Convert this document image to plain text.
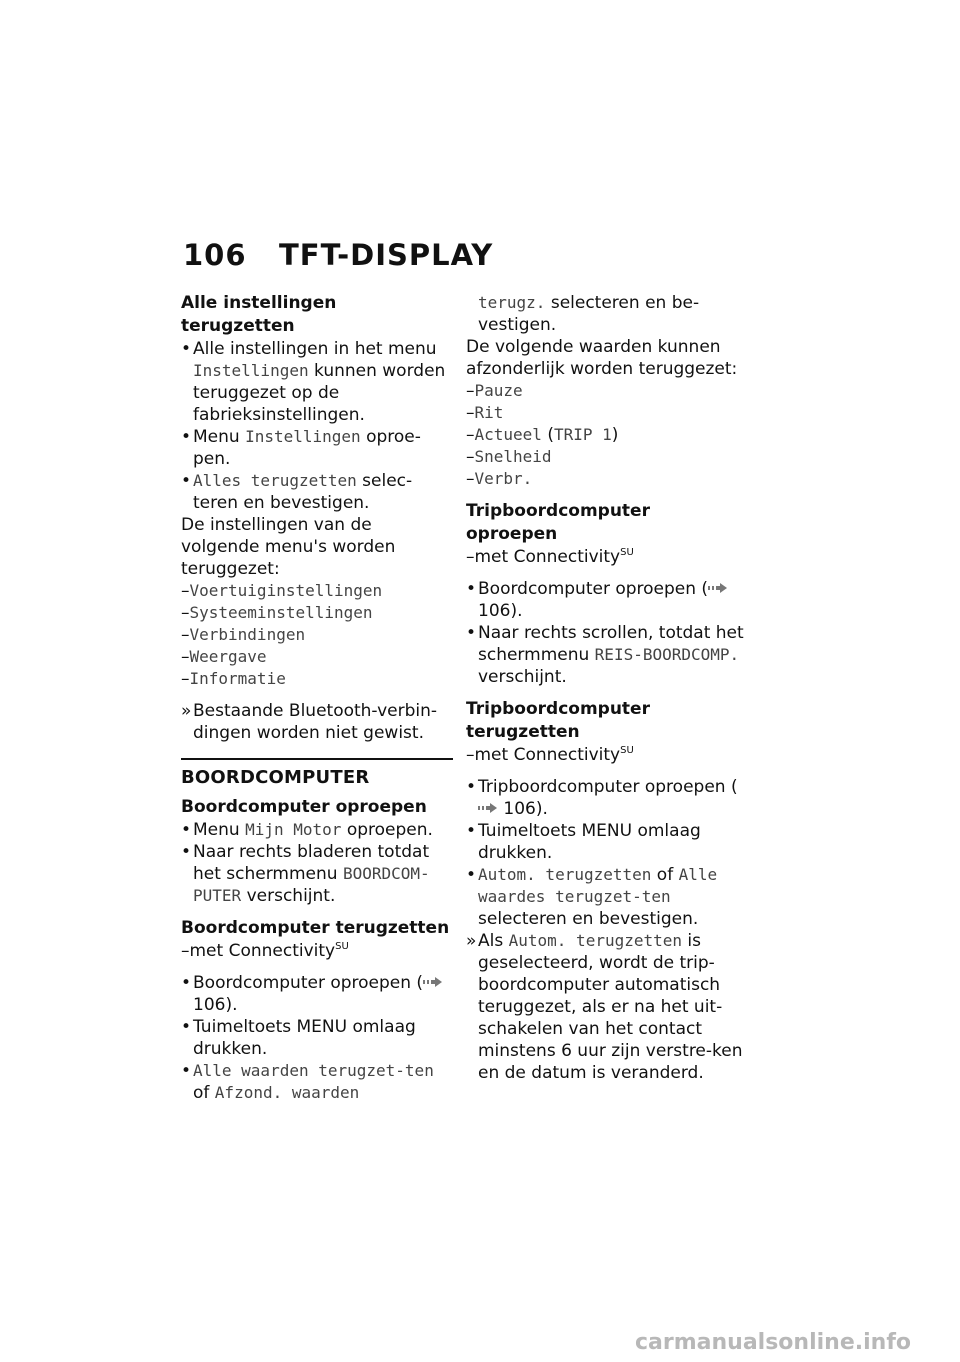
106	TFT-DISPLAY
Alle instellingen terugzetten
• Alle instellingen in het menu
Instellingen kunnen worden teruggezet op de fabrieksinstellingen.
• Menu Instellingen oproe-pen.
• Alles terugzetten selec-teren en bevestigen.
De instellingen van de volgende menu's worden teruggezet:
–Voertuiginstellingen
–Systeeminstellingen
–Verbindingen
–Weergave
–Informatie
» Bestaande Bluetooth-verbin-dingen worden niet gewist.
BOORDCOMPUTER
Boordcomputer oproepen
• Menu Mijn Motor oproepen.
• Naar rechts bladeren totdat het schermmenu BOORDCOM-PUTER verschijnt.
Boordcomputer terugzetten
–met Connectivity$^{SU}$
• Boordcomputer oproepen ( 106).
• Tuimeltoets MENU omlaag drukken.
• Alle waarden terugzet-ten of Afzond. waarden
terugz. selecteren en be-vestigen.
De volgende waarden kunnen afzonderlijk worden teruggezet:
–Pauze
–Rit
–Actueel (TRIP 1)
–Snelheid
–Verbr.
Tripboordcomputer oproepen
–met Connectivity$^{SU}$
• Boordcomputer oproepen ( 106).
• Naar rechts scrollen, totdat het schermmenu REIS-BOORDCOMP. verschijnt.
Tripboordcomputer terugzetten
–met Connectivity$^{SU}$
• Tripboordcomputer oproepen ( 106).
• Tuimeltoets MENU omlaag drukken.
• Autom. terugzetten of Alle waardes terugzet-ten selecteren en bevestigen.
» Als Autom. terugzetten is geselecteerd, wordt de trip-boordcomputer automatisch teruggezet, als er na het uit-schakelen van het contact minstens 6 uur zijn verstre-ken en de datum is veranderd.
carmanualsonline.info
